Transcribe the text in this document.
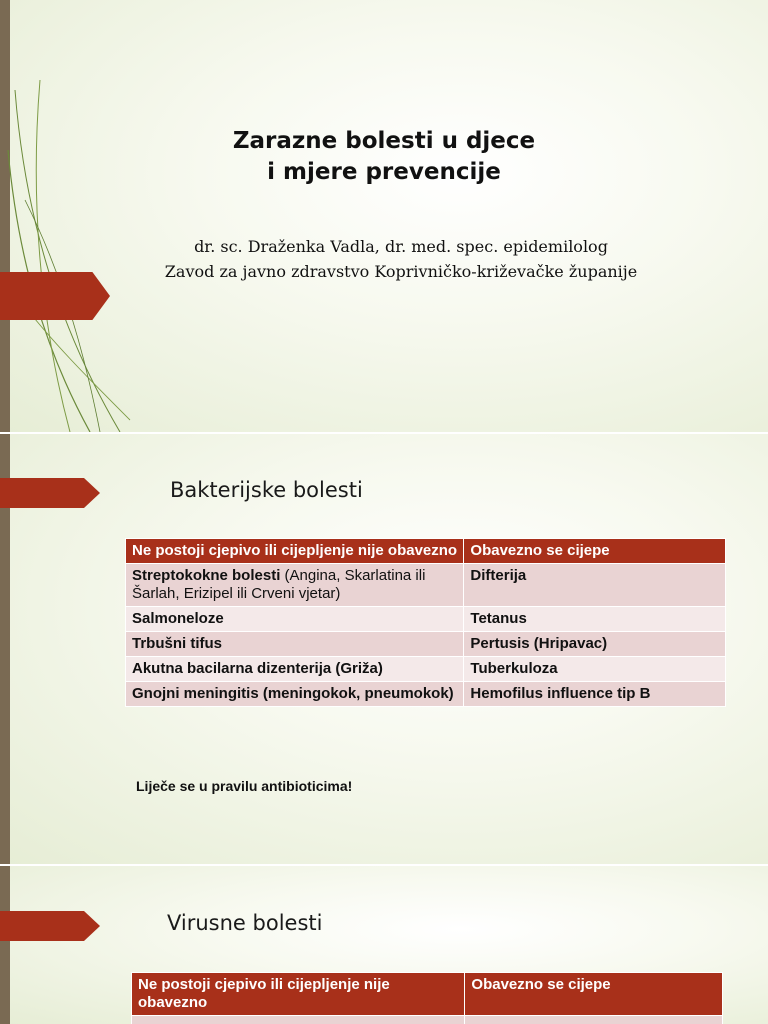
Zarazne bolesti u djece
i mjere prevencije
dr. sc. Draženka Vadla, dr. med. spec. epidemilolog
Zavod za javno zdravstvo Koprivničko-križevačke županije
Bakterijske bolesti
Ne postoji cjepivo ili cijepljenje nije obavezno	Obavezno se cijepe
Streptokokne bolesti (Angina, Skarlatina ili Šarlah, Erizipel ili Crveni vjetar)	Difterija
Salmoneloze	Tetanus
Trbušni tifus	Pertusis (Hripavac)
Akutna bacilarna dizenterija (Griža)	Tuberkuloza
Gnojni meningitis (meningokok, pneumokok)	Hemofilus influence tip B
Liječe se u pravilu antibioticima!
Virusne bolesti
Ne postoji cjepivo ili cijepljenje nije obavezno	Obavezno se cijepe
